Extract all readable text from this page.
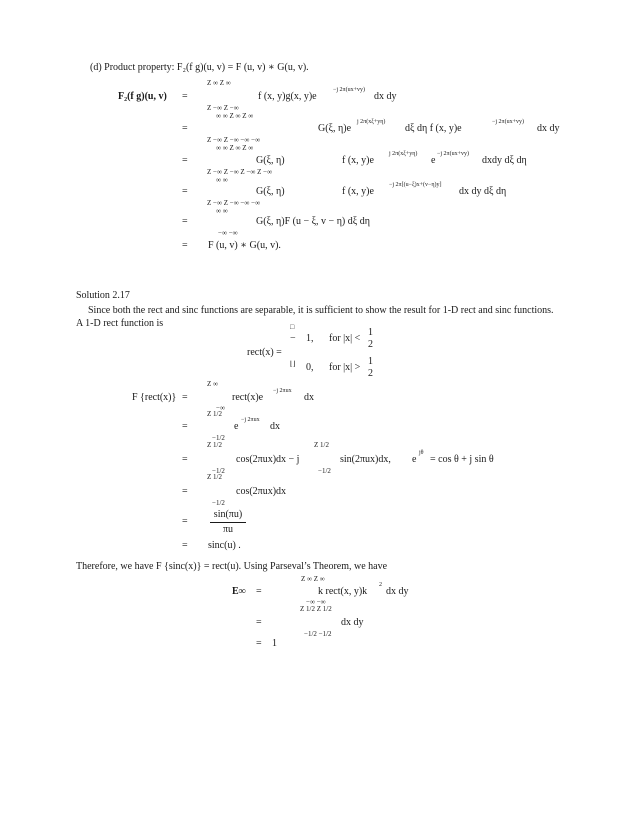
(d) Product property: F₂(f g)(u, v) = F (u, v) ∗ G(u, v).
Z ∞ Z ∞
F₂(f g)(u, v) =	f (x, y)g(x, y)e
−j 2π(ux+vy)
dx dy
Z −∞ Z −∞
∞ ∞ Z ∞ Z ∞
=	G(ξ, η)e
j 2π(xξ+yη)
dξ dη f (x, y)e
−j 2π(ux+vy)
dx dy
Z −∞ Z −∞ −∞ −∞
∞ ∞ Z ∞ Z ∞
=	G(ξ, η)	f (x, y)e
j 2π(xξ+yη)
e
−j 2π(ux+vy)
dxdy dξ dη
Z −∞ Z −∞ Z −∞ Z −∞
∞ ∞
=	G(ξ, η)	f (x, y)e
−j 2π[(u−ξ)x+(v−η)y]
dx dy dξ dη
Z −∞ Z −∞ −∞ −∞
∞ ∞
=	G(ξ, η)F (u − ξ, v − η) dξ dη
−∞ −∞
= F (u, v) ∗ G(u, v).
Solution 2.17
Since both the rect and sinc functions are separable, it is sufficient to show the result for 1-D rect and sinc functions. A 1-D rect function is	□
− 1, for |x| <
1
2
rect(x) =
⌊⌋ 0, for |x| >
1
2
Z ∞
F {rect(x)} =	rect(x)e
−j 2πux
dx
−∞
Z 1/2
=	e
−j 2πux
dx
−1/2
Z 1/2	Z 1/2
=	cos(2πux)dx − j	sin(2πux)dx, e
jθ
= cos θ + j sin θ
−1/2	−1/2
Z 1/2
=	cos(2πux)dx
−1/2
=
sin(πu)
πu
= sinc(u) .
Therefore, we have F {sinc(x)} = rect(u). Using Parseval’s Theorem, we have
Z ∞ Z ∞
E∞ =	k rect(x, y)k
2
dx dy
−∞ −∞
Z 1/2 Z 1/2
=	dx dy
−1/2 −1/2
= 1
